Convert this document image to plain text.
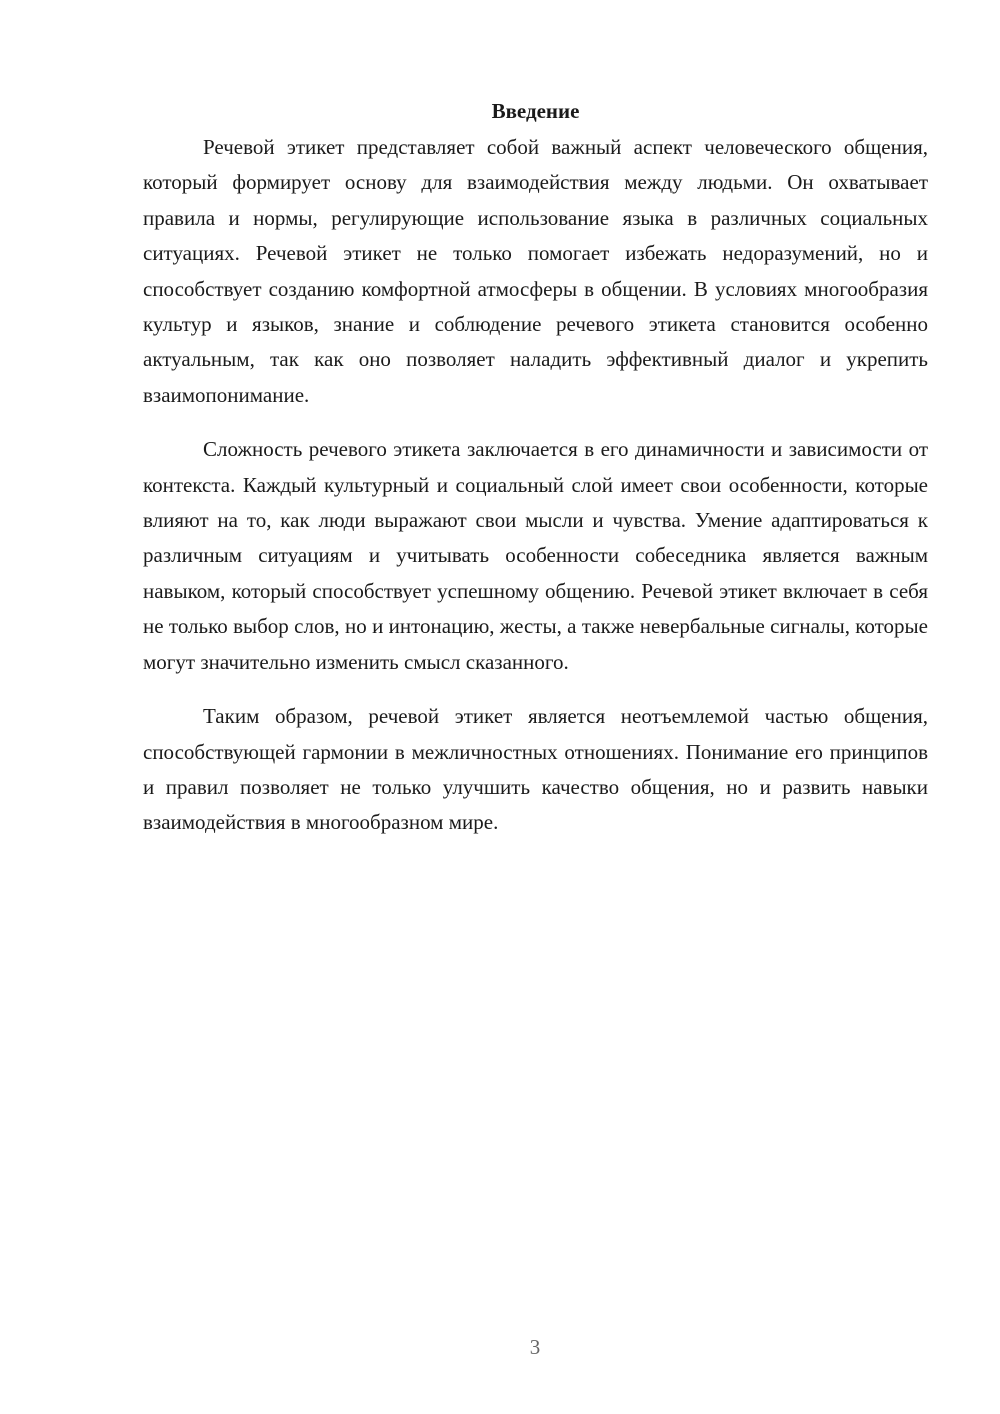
Введение

Речевой этикет представляет собой важный аспект человеческого общения, который формирует основу для взаимодействия между людьми. Он охватывает правила и нормы, регулирующие использование языка в различных социальных ситуациях. Речевой этикет не только помогает избежать недоразумений, но и способствует созданию комфортной атмосферы в общении. В условиях многообразия культур и языков, знание и соблюдение речевого этикета становится особенно актуальным, так как оно позволяет наладить эффективный диалог и укрепить взаимопонимание.

Сложность речевого этикета заключается в его динамичности и зависимости от контекста. Каждый культурный и социальный слой имеет свои особенности, которые влияют на то, как люди выражают свои мысли и чувства. Умение адаптироваться к различным ситуациям и учитывать особенности собеседника является важным навыком, который способствует успешному общению. Речевой этикет включает в себя не только выбор слов, но и интонацию, жесты, а также невербальные сигналы, которые могут значительно изменить смысл сказанного.

Таким образом, речевой этикет является неотъемлемой частью общения, способствующей гармонии в межличностных отношениях. Понимание его принципов и правил позволяет не только улучшить качество общения, но и развить навыки взаимодействия в многообразном мире.

3
